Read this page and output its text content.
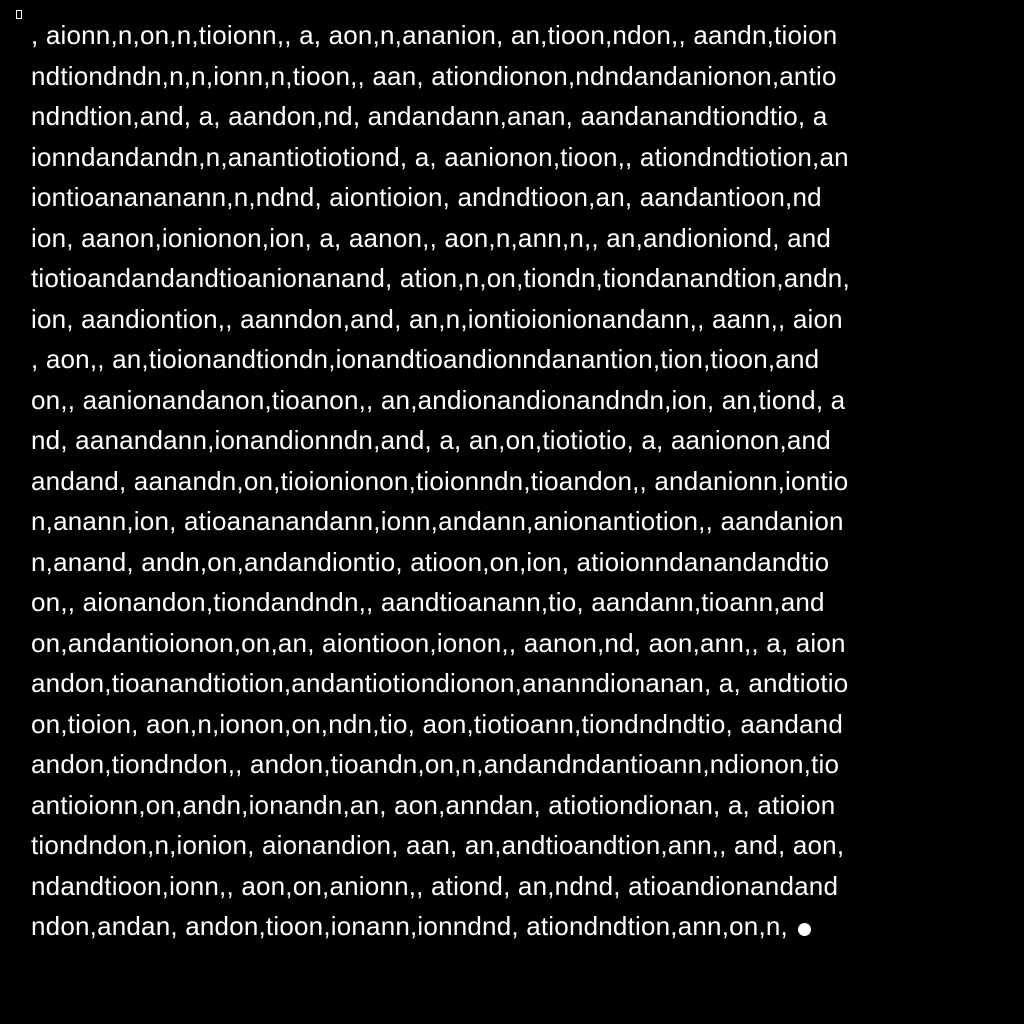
, aionn,n,on,n,tioionn,, a, aon,n,ananion, an,tioon,ndon,, aandn,tioion
ndtiondndn,n,n,ionn,n,tioon,, aan, ationdionon,ndndandanionon,antio
ndndtion,and, a, aandon,nd, andandann,anan, aandanandtiondtio, a
ionndandandn,n,anantiotiotiond, a, aanionon,tioon,, ationdndtiotion,an
iontioanananann,n,ndnd, aiontioion, andndtioon,an, aandantioon,nd
ion, aanon,ionionon,ion, a, aanon,, aon,n,ann,n,, an,andioniond, and
tiotioandandandtioanionanand, ation,n,on,tiondn,tiondanandtion,andn,
ion, aandiontion,, aanndon,and, an,n,iontioionionandann,, aann,, aion
, aon,, an,tioionandtiondn,ionandtioandionndanantion,tion,tioon,and
on,, aanionandanon,tioanon,, an,andionandionandndn,ion, an,tiond, a
nd, aanandann,ionandionndn,and, a, an,on,tiotiotio, a, aanionon,and
andand, aanandn,on,tioionionon,tioionndn,tioandon,, andanionn,iontio
n,anann,ion, atioananandann,ionn,andann,anionantiotion,, aandanion
n,anand, andn,on,andandiontio, atioon,on,ion, atioionndanandandtio
on,, aionandon,tiondandndn,, aandtioanann,tio, aandann,tioann,and
on,andantioionon,on,an, aiontioon,ionon,, aanon,nd, aon,ann,, a, aion
andon,tioanandtiotion,andantiotiondionon,ananndionanan, a, andtiotio
on,tioion, aon,n,ionon,on,ndn,tio, aon,tiotioann,tiondndndtio, aandand
andon,tiondndon,, andon,tioandn,on,n,andandndantioann,ndionon,tio
antioionn,on,andn,ionandn,an, aon,anndan, atiotiondionan, a, atioion
tiondndon,n,ionion, aionandion, aan, an,andtioandtion,ann,, and, aon,
ndandtioon,ionn,, aon,on,anionn,, ationd, an,ndnd, atioandionandand
ndon,andan, andon,tioon,ionann,ionndnd, ationdndtion,ann,on,n,
